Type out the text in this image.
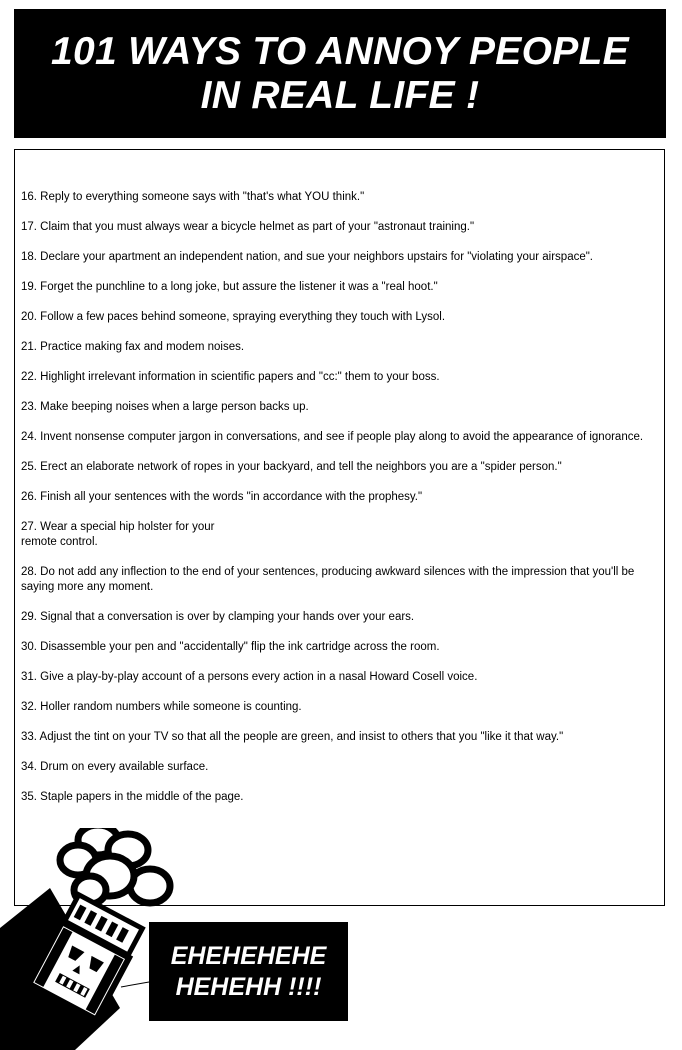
101 WAYS TO ANNOY PEOPLE
IN REAL LIFE !
16. Reply to everything someone says with "that's what YOU think."
17. Claim that you must always wear a bicycle helmet as part of your "astronaut training."
18. Declare your apartment an independent nation, and sue your neighbors upstairs for "violating your airspace".
19. Forget the punchline to a long joke, but assure the listener it was a "real hoot."
20. Follow a few paces behind someone, spraying everything they touch with Lysol.
21. Practice making fax and modem noises.
22. Highlight irrelevant information in scientific papers and "cc:" them to your boss.
23. Make beeping noises when a large person backs up.
24. Invent nonsense computer jargon in conversations, and see if people play along to avoid the appearance of ignorance.
25. Erect an elaborate network of ropes in your backyard, and tell the neighbors you are a "spider person."
26. Finish all your sentences with the words "in accordance with the prophesy."
27. Wear a special hip holster for your
remote control.
28. Do not add any inflection to the end of your sentences, producing awkward silences with the impression that you'll be saying more any moment.
29. Signal that a conversation is over by clamping your hands over your ears.
30. Disassemble your pen and "accidentally" flip the ink cartridge across the room.
31. Give a play-by-play account of a persons every action in a nasal Howard Cosell voice.
32. Holler random numbers while someone is counting.
33. Adjust the tint on your TV so that all the people are green, and insist to others that you "like it that way."
34. Drum on every available surface.
35. Staple papers in the middle of the page.
EHEHEHEHE
HEHEHH !!!!
